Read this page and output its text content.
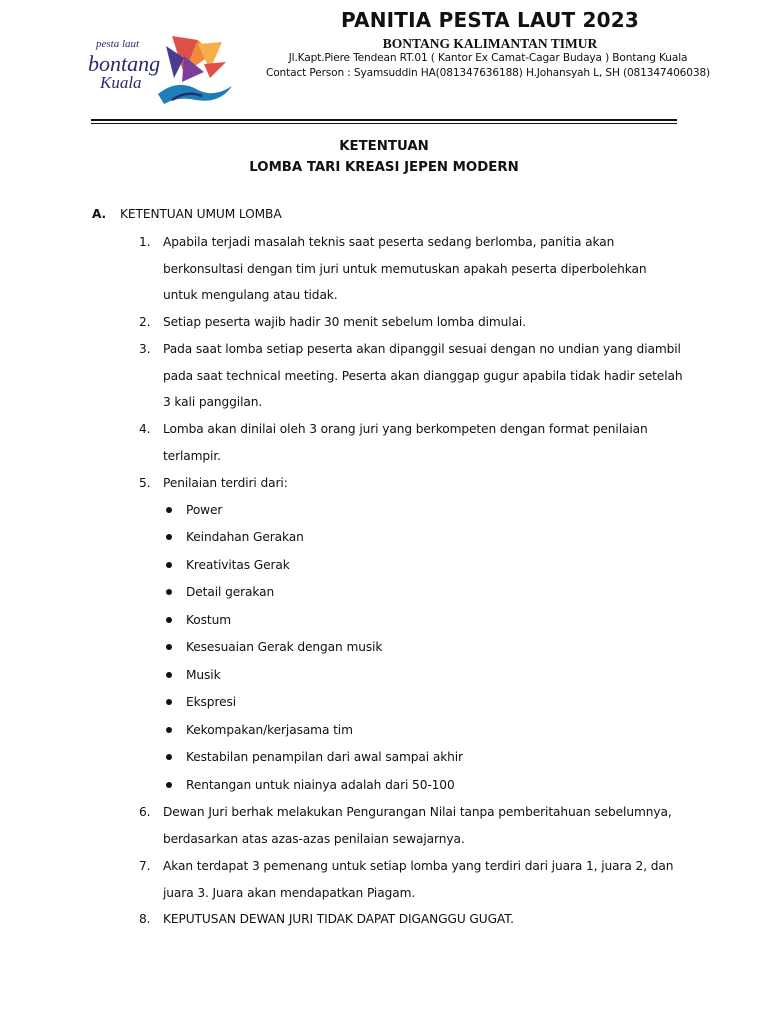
pesta laut
bontang
Kuala
PANITIA PESTA LAUT 2023
BONTANG KALIMANTAN TIMUR
Jl.Kapt.Piere Tendean RT.01 ( Kantor Ex Camat-Cagar Budaya ) Bontang Kuala
Contact Person : Syamsuddin HA(081347636188) H.Johansyah L, SH (081347406038)
KETENTUAN
LOMBA TARI KREASI JEPEN MODERN
A. KETENTUAN UMUM LOMBA
1. Apabila terjadi masalah teknis saat peserta sedang berlomba, panitia akan berkonsultasi dengan tim juri untuk memutuskan apakah peserta diperbolehkan untuk mengulang atau tidak.
2. Setiap peserta wajib hadir 30 menit sebelum lomba dimulai.
3. Pada saat lomba setiap peserta akan dipanggil sesuai dengan no undian yang diambil pada saat technical meeting. Peserta akan dianggap gugur apabila tidak hadir setelah 3 kali panggilan.
4. Lomba akan dinilai oleh 3 orang juri yang berkompeten dengan format penilaian terlampir.
5. Penilaian terdiri dari:
Power
Keindahan Gerakan
Kreativitas Gerak
Detail gerakan
Kostum
Kesesuaian Gerak dengan musik
Musik
Ekspresi
Kekompakan/kerjasama tim
Kestabilan penampilan dari awal sampai akhir
Rentangan untuk niainya adalah dari 50-100
6. Dewan Juri berhak melakukan Pengurangan Nilai tanpa pemberitahuan sebelumnya, berdasarkan atas azas-azas penilaian sewajarnya.
7. Akan terdapat 3 pemenang untuk setiap lomba yang terdiri dari juara 1, juara 2, dan juara 3. Juara akan mendapatkan Piagam.
8. KEPUTUSAN DEWAN JURI TIDAK DAPAT DIGANGGU GUGAT.
